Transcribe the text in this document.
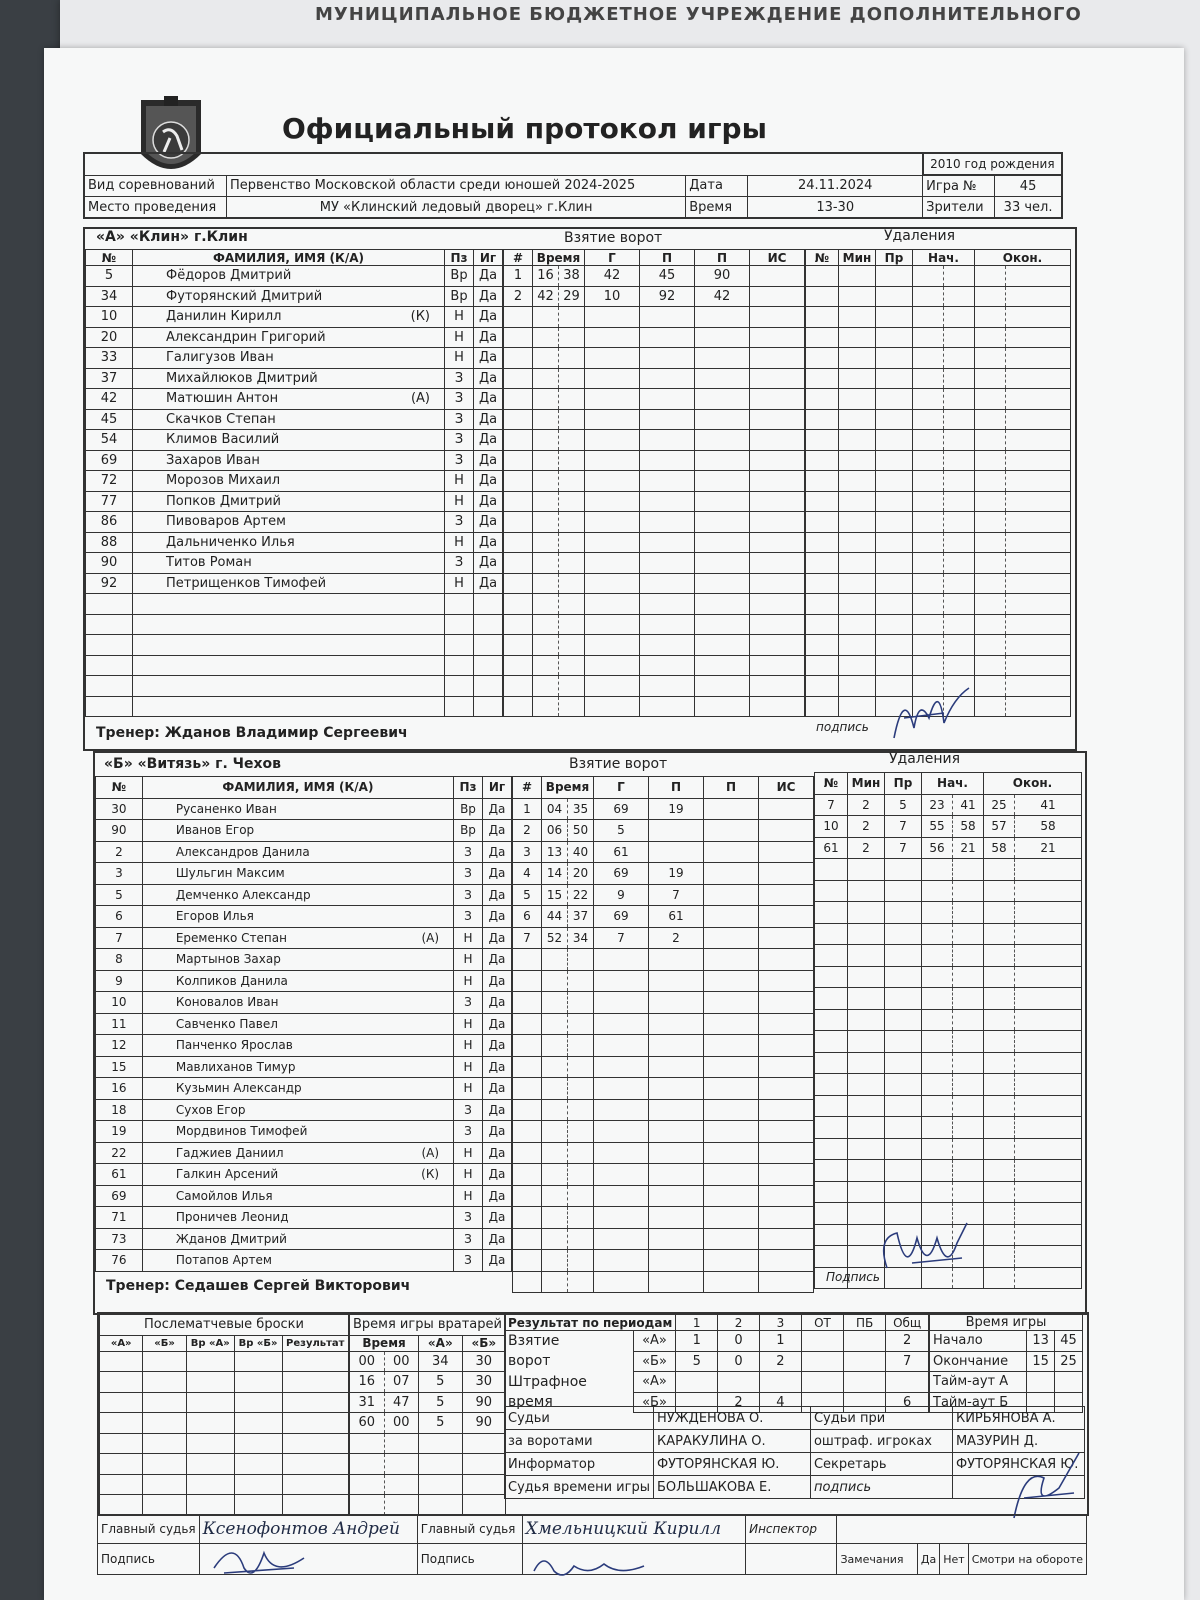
МУНИЦИПАЛЬНОЕ БЮДЖЕТНОЕ УЧРЕЖДЕНИЕ ДОПОЛНИТЕЛЬНОГО
Официальный протокол игры
				2010 год рождения	
Вид соревнований	Первенство Московской области среди юношей 2024-2025	Дата	24.11.2024	Игра №	45
Место проведения	МУ «Клинский ледовый дворец» г.Клин	Время	13-30	Зрители	33 чел.
«А» «Клин» г.Клин
№	ФАМИЛИЯ, ИМЯ (К/А)	Пз	Иг
5	Фёдоров Дмитрий	Вр	Да
34	Футорянский Дмитрий	Вр	Да
10	Данилин Кирилл (К)	Н	Да
20	Александрин Григорий	Н	Да
33	Галигузов Иван	Н	Да
37	Михайлюков Дмитрий	З	Да
42	Матюшин Антон (А)	З	Да
45	Скачков Степан	З	Да
54	Климов Василий	З	Да
69	Захаров Иван	З	Да
72	Морозов Михаил	Н	Да
77	Попков Дмитрий	Н	Да
86	Пивоваров Артем	З	Да
88	Дальниченко Илья	Н	Да
90	Титов Роман	З	Да
92	Петрищенков Тимофей	Н	Да

Взятие ворот
#	Время		Г	П	П	ИС
1	16	38	42	45	90	
2	42	29	10	92	42	

Удаления
№	Мин	Пр	Нач.		Окон.	

Тренер: Жданов Владимир Сергеевич	подпись
«Б» «Витязь» г. Чехов
№	ФАМИЛИЯ, ИМЯ (К/А)	Пз	Иг
30	Русаненко Иван	Вр	Да
90	Иванов Егор	Вр	Да
2	Александров Данила	З	Да
3	Шульгин Максим	З	Да
5	Демченко Александр	З	Да
6	Егоров Илья	З	Да
7	Еременко Степан (А)	Н	Да
8	Мартынов Захар	Н	Да
9	Колпиков Данила	Н	Да
10	Коновалов Иван	З	Да
11	Савченко Павел	Н	Да
12	Панченко Ярослав	Н	Да
15	Мавлиханов Тимур	Н	Да
16	Кузьмин Александр	Н	Да
18	Сухов Егор	З	Да
19	Мордвинов Тимофей	З	Да
22	Гаджиев Даниил (А)	Н	Да
61	Галкин Арсений (К)	Н	Да
69	Самойлов Илья	Н	Да
71	Проничев Леонид	З	Да
73	Жданов Дмитрий	З	Да
76	Потапов Артем	З	Да
Взятие ворот
#	Время		Г	П	П	ИС
1	04	35	69	19		
2	06	50	5			
3	13	40	61			
4	14	20	69	19		
5	15	22	9	7		
6	44	37	69	61		
7	52	34	7	2		

Удаления
№	Мин	Пр	Нач.		Окон.	
7	2	5	23	41	25	41
10	2	7	55	58	57	58
61	2	7	56	21	58	21

Тренер: Седашев Сергей Викторович
Подпись
Послематчевые броски				
«А»	«Б»	Вр «А»	Вр «Б»	Результат

Время игры вратарей			
Время		«А»	«Б»
00	00	34	30
16	07	5	30
31	47	5	90
60	00	5	90

Результат по периодам		1	2	3	ОТ	ПБ	Общ
Взятие	«А»	1	0	1			2
ворот	«Б»	5	0	2			7
Штрафное	«А»						
время	«Б»		2	4			6
Время игры		
Начало	13	45
Окончание	15	25
Тайм-аут А		
Тайм-аут Б		
Судьи	НУЖДЕНОВА О.	Судьи при	КИРЬЯНОВА А.
за воротами	КАРАКУЛИНА О.	оштраф. игроках	МАЗУРИН Д.
Информатор	ФУТОРЯНСКАЯ Ю.	Секретарь	ФУТОРЯНСКАЯ Ю.
Судья времени игры	БОЛЬШАКОВА Е.	подпись	
Главный судья	Ксенофонтов Андрей	Главный судья	Хмельницкий Кирилл	Инспектор				
Подпись		Подпись			Замечания	Да	Нет	Смотри на обороте
